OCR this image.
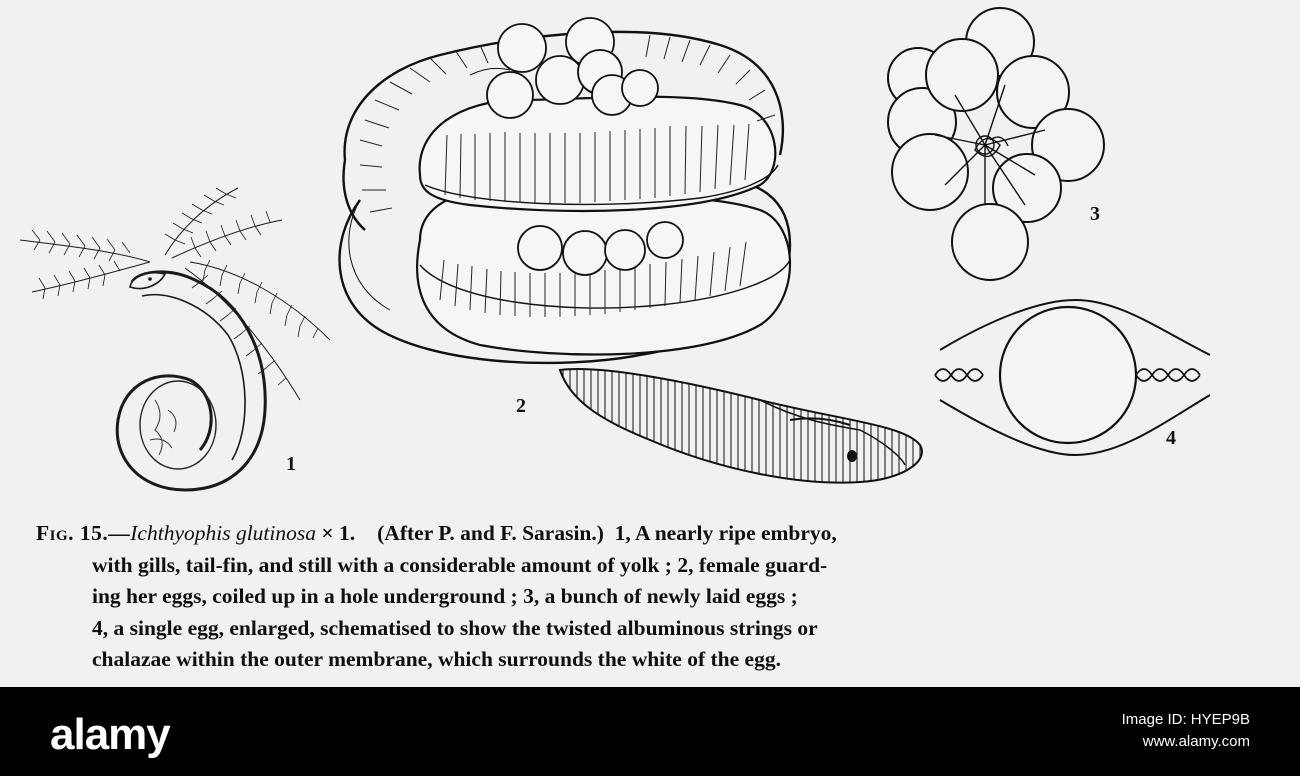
1
2
3
4
Fig. 15.—Ichthyophis glutinosa × 1. (After P. and F. Sarasin.)  1, A nearly ripe embryo,
with gills, tail-fin, and still with a considerable amount of yolk ; 2, female guard-
ing her eggs, coiled up in a hole underground ; 3, a bunch of newly laid eggs ;
4, a single egg, enlarged, schematised to show the twisted albuminous strings or
chalazae within the outer membrane, which surrounds the white of the egg.
alamy	Image ID: HYEP9B
www.alamy.com
